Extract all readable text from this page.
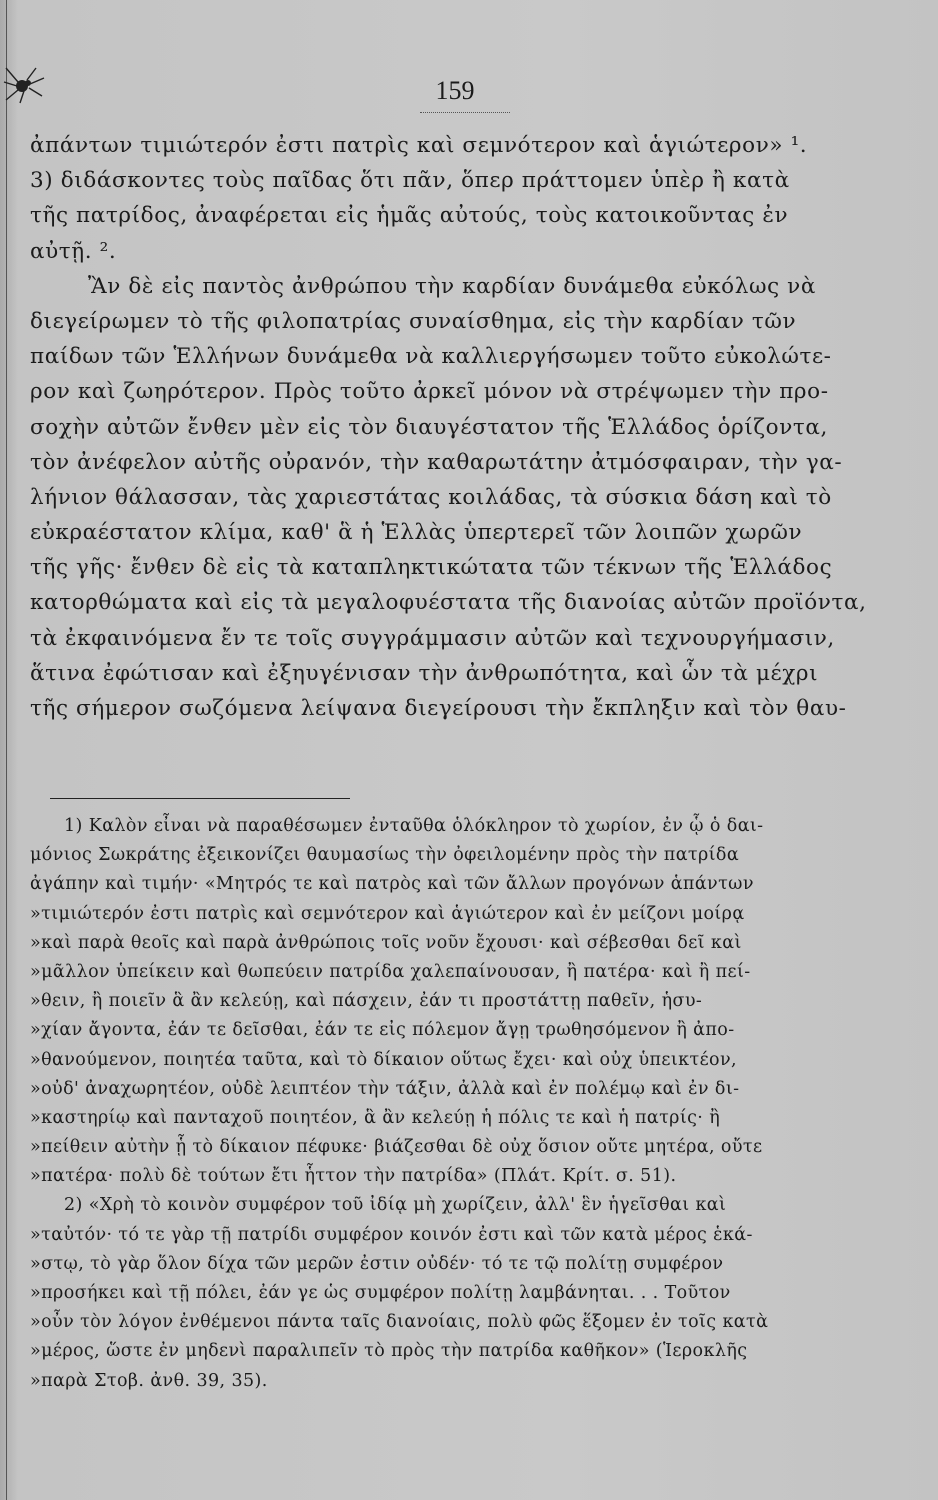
159
ἀπάντων τιμιώτερόν ἐστι πατρὶς καὶ σεμνότερον καὶ ἁγιώτερον» ¹.
3) διδάσκοντες τοὺς παῖδας ὅτι πᾶν, ὅπερ πράττομεν ὑπὲρ ἢ κατὰ
τῆς πατρίδος, ἀναφέρεται εἰς ἡμᾶς αὐτούς, τοὺς κατοικοῦντας ἐν
αὐτῇ. ².
Ἂν δὲ εἰς παντὸς ἀνθρώπου τὴν καρδίαν δυνάμεθα εὐκόλως νὰ
διεγείρωμεν τὸ τῆς φιλοπατρίας συναίσθημα, εἰς τὴν καρδίαν τῶν
παίδων τῶν Ἑλλήνων δυνάμεθα νὰ καλλιεργήσωμεν τοῦτο εὐκολώτε-
ρον καὶ ζωηρότερον. Πρὸς τοῦτο ἀρκεῖ μόνον νὰ στρέψωμεν τὴν προ-
σοχὴν αὐτῶν ἔνθεν μὲν εἰς τὸν διαυγέστατον τῆς Ἑλλάδος ὁρίζοντα,
τὸν ἀνέφελον αὐτῆς οὐρανόν, τὴν καθαρωτάτην ἀτμόσφαιραν, τὴν γα-
λήνιον θάλασσαν, τὰς χαριεστάτας κοιλάδας, τὰ σύσκια δάση καὶ τὸ
εὐκραέστατον κλίμα, καθ' ἃ ἡ Ἑλλὰς ὑπερτερεῖ τῶν λοιπῶν χωρῶν
τῆς γῆς· ἔνθεν δὲ εἰς τὰ καταπληκτικώτατα τῶν τέκνων τῆς Ἑλλάδος
κατορθώματα καὶ εἰς τὰ μεγαλοφυέστατα τῆς διανοίας αὐτῶν προϊόντα,
τὰ ἐκφαινόμενα ἔν τε τοῖς συγγράμμασιν αὐτῶν καὶ τεχνουργήμασιν,
ἅτινα ἐφώτισαν καὶ ἐξηυγένισαν τὴν ἀνθρωπότητα, καὶ ὧν τὰ μέχρι
τῆς σήμερον σωζόμενα λείψανα διεγείρουσι τὴν ἔκπληξιν καὶ τὸν θαυ-
1) Καλὸν εἶναι νὰ παραθέσωμεν ἐνταῦθα ὁλόκληρον τὸ χωρίον, ἐν ᾧ ὁ δαι-
μόνιος Σωκράτης ἐξεικονίζει θαυμασίως τὴν ὀφειλομένην πρὸς τὴν πατρίδα
ἀγάπην καὶ τιμήν· «Μητρός τε καὶ πατρὸς καὶ τῶν ἄλλων προγόνων ἁπάντων
»τιμιώτερόν ἐστι πατρὶς καὶ σεμνότερον καὶ ἁγιώτερον καὶ ἐν μείζονι μοίρᾳ
»καὶ παρὰ θεοῖς καὶ παρὰ ἀνθρώποις τοῖς νοῦν ἔχουσι· καὶ σέβεσθαι δεῖ καὶ
»μᾶλλον ὑπείκειν καὶ θωπεύειν πατρίδα χαλεπαίνουσαν, ἢ πατέρα· καὶ ἢ πεί-
»θειν, ἢ ποιεῖν ἃ ἂν κελεύῃ, καὶ πάσχειν, ἐάν τι προστάττῃ παθεῖν, ἡσυ-
»χίαν ἄγοντα, ἐάν τε δεῖσθαι, ἐάν τε εἰς πόλεμον ἄγῃ τρωθησόμενον ἢ ἀπο-
»θανούμενον, ποιητέα ταῦτα, καὶ τὸ δίκαιον οὕτως ἔχει· καὶ οὐχ ὑπεικτέον,
»οὐδ' ἀναχωρητέον, οὐδὲ λειπτέον τὴν τάξιν, ἀλλὰ καὶ ἐν πολέμῳ καὶ ἐν δι-
»καστηρίῳ καὶ πανταχοῦ ποιητέον, ἃ ἂν κελεύῃ ἡ πόλις τε καὶ ἡ πατρίς· ἢ
»πείθειν αὐτὴν ᾗ τὸ δίκαιον πέφυκε· βιάζεσθαι δὲ οὐχ ὅσιον οὔτε μητέρα, οὔτε
»πατέρα· πολὺ δὲ τούτων ἔτι ἧττον τὴν πατρίδα» (Πλάτ. Κρίτ. σ. 51).
2) «Χρὴ τὸ κοινὸν συμφέρον τοῦ ἰδίᾳ μὴ χωρίζειν, ἀλλ' ἓν ἡγεῖσθαι καὶ
»ταὐτόν· τό τε γὰρ τῇ πατρίδι συμφέρον κοινόν ἐστι καὶ τῶν κατὰ μέρος ἑκά-
»στῳ, τὸ γὰρ ὅλον δίχα τῶν μερῶν ἐστιν οὐδέν· τό τε τῷ πολίτῃ συμφέρον
»προσήκει καὶ τῇ πόλει, ἐάν γε ὡς συμφέρον πολίτῃ λαμβάνηται. . . Τοῦτον
»οὖν τὸν λόγον ἐνθέμενοι πάντα ταῖς διανοίαις, πολὺ φῶς ἕξομεν ἐν τοῖς κατὰ
»μέρος, ὥστε ἐν μηδενὶ παραλιπεῖν τὸ πρὸς τὴν πατρίδα καθῆκον» (Ἱεροκλῆς
»παρὰ Στοβ. ἀνθ. 39, 35).
